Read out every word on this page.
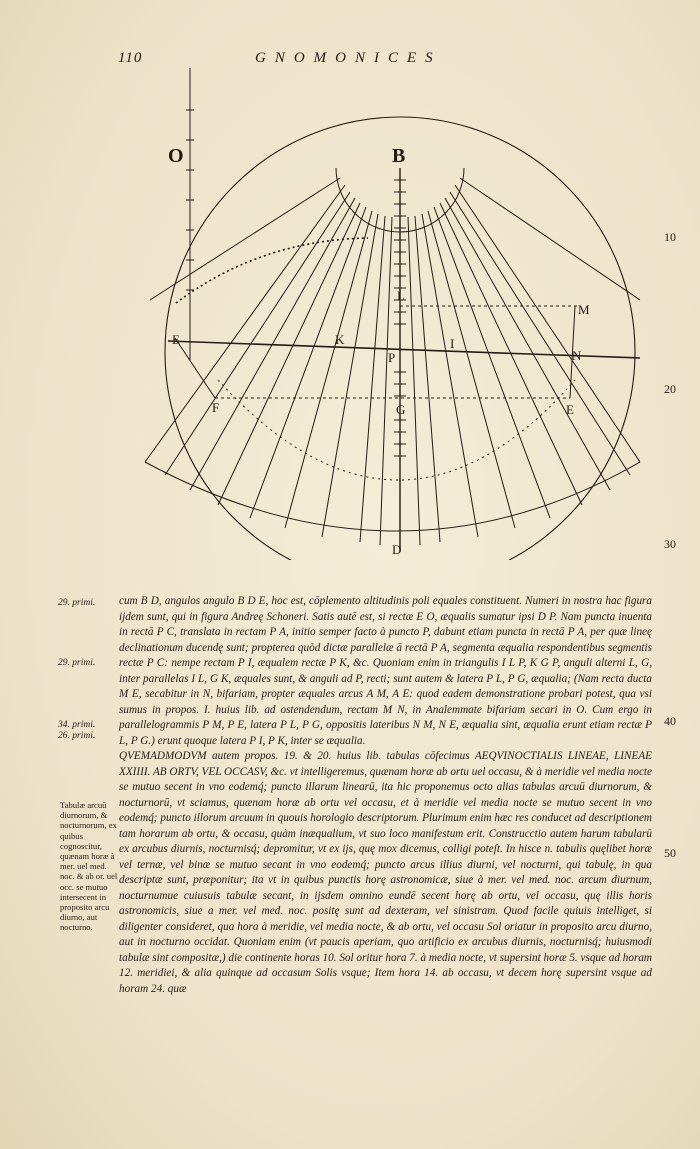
110	GNOMONICES
O	B
M
L
E	K
P
I
F	G	E
D
N
10
20
30
40
50
29. primi.
29. primi.
34. primi.
26. primi.
Tabulæ arcuū diurnorum, & nocturnorum, ex quibus cognoscitur, quænam horæ à mer. uel med. noc. & ab or. uel occ. se mutuo intersecent in proposito arcu diurno, aut nocturno.

cum B D, angulos angulo B D E, hoc est, cōplemento altitudinis poli equales constituent. Numeri in nostra hac figura ijdem sunt, qui in figura Andreę Schoneri. Satis autē est, si rectæ E O, æqualis sumatur ipsi D P. Nam puncta inuenta in rectā P C, translata in rectam P A, initio semper facto à puncto P, dabunt etiam puncta in rectā P A, per quæ lineę declinationum ducendę sunt; propterea quòd dictæ parallelæ ā rectā P A, segmenta æqualia respondentibus segmentis rectæ P C: nempe rectam P I, æqualem rectæ P K, &c. Quoniam enim in triangulis I L P, K G P, anguli alterni L, G, inter parallelas I L, G K, æquales sunt, & anguli ad P, recti; sunt autem & latera P L, P G, æqualia; (Nam recta ducta M E, secabitur in N, bifariam, propter æquales arcus A M, A E: quod eadem demonstratione probari potest, qua vsi sumus in propos. I. huius lib. ad ostendendum, rectam M N, in Analemmate bifariam secari in O. Cum ergo in parallelogrammis P M, P E, latera P L, P G, oppositis lateribus N M, N E, æqualia sint, æqualia erunt etiam rectæ P L, P G.) erunt quoque latera P I, P K, inter se æqualia.

QVEMADMODVM autem propos. 19. & 20. huius lib. tabulas cōfecimus AEQVINOCTIALIS LINEAE, LINEAE XXIIII. AB ORTV, VEL OCCASV, &c. vt intelligeremus, quænam horæ ab ortu uel occasu, & à meridie vel media nocte se mutuo secent in vno eodemq́; puncto illarum linearū, ita hic proponemus octo alias tabulas arcuū diurnorum, & nocturnorū, vt sciamus, quænam horæ ab ortu vel occasu, et à meridie vel media nocte se mutuo secent in vno eodemq́; puncto illorum arcuum in quouis horologio descriptorum. Plurimum enim hæc res conducet ad descriptionem tam horarum ab ortu, & occasu, quàm inæqualium, vt suo loco manifestum erit. Construcctio autem harum tabularū ex arcubus diurnis, nocturnisq́; depromitur, vt ex ijs, quę mox dicemus, colligi poteſt. In hisce n. tabulis quęlibet horæ vel ternæ, vel binæ se mutuo secant in vno eodemq́; puncto arcus illius diurni, vel nocturni, qui tabulę, in qua descriptæ sunt, præponitur; ita vt in quibus punctis horę astronomicæ, siue à mer. vel med. noc. arcum diurnum, nocturnumue cuiusuis tabulæ secant, in ijsdem omnino eundē secent horę ab ortu, vel occasu, quę illis horis astronomicis, siue a mer. vel med. noc. positę sunt ad dexteram, vel sinistram. Quod facile quiuis intelliget, si diligenter consideret, qua hora à meridie, vel media nocte, & ab ortu, vel occasu Sol oriatur in proposito arcu diurno, aut in nocturno occidat. Quoniam enim (vt paucis aperiam, quo artificio ex arcubus diurnis, nocturnisq́; huiusmodi tabulæ sint compositæ,) die continente horas 10. Sol oritur hora 7. à media nocte, vt supersint horæ 5. vsque ad horam 12. meridiei, & alia quinque ad occasum Solis vsque; Item hora 14. ab occasu, vt decem horę supersint vsque ad horam 24. quæ
